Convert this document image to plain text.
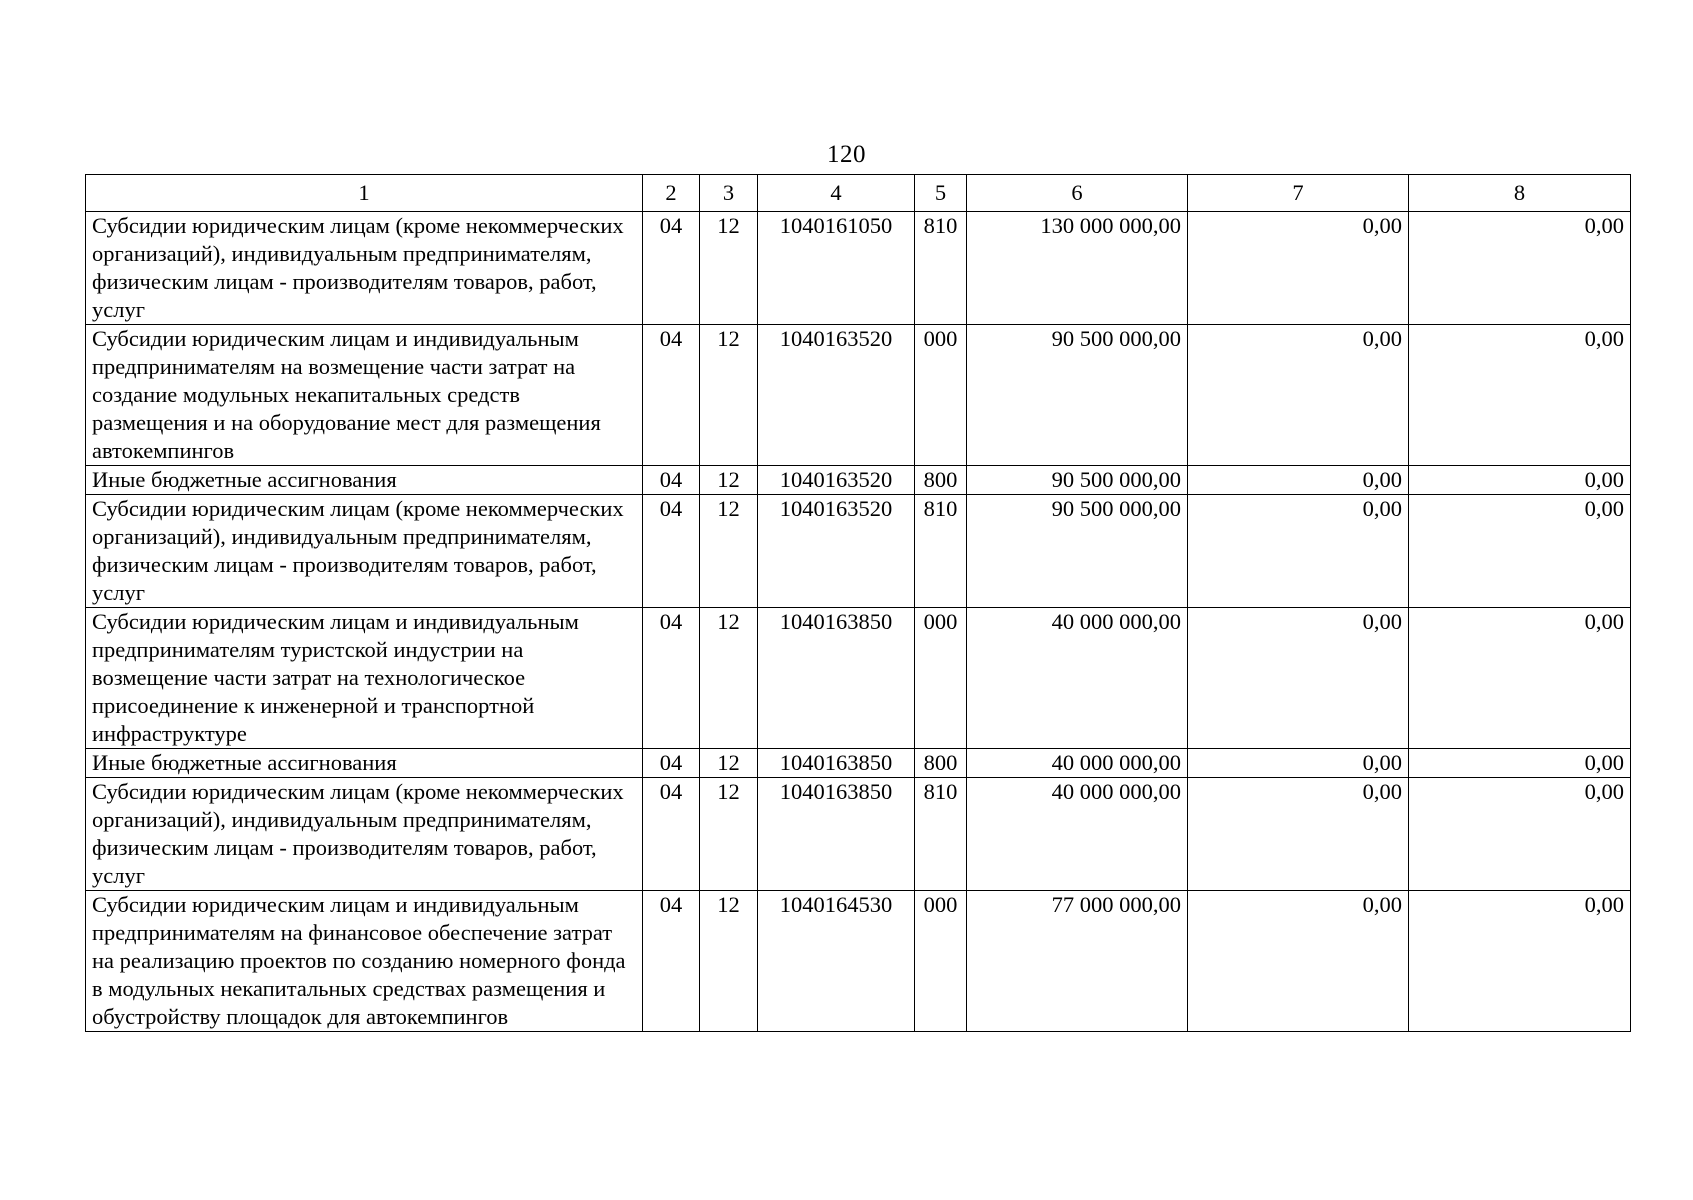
120
1	2	3	4	5	6	7	8
Субсидии юридическим лицам (кроме некоммерческих организаций), индивидуальным предпринимателям, физическим лицам - производителям товаров, работ, услуг	04	12	1040161050	810	130 000 000,00	0,00	0,00
Субсидии юридическим лицам и индивидуальным предпринимателям на возмещение части затрат на создание модульных некапитальных средств размещения и на оборудование мест для размещения автокемпингов	04	12	1040163520	000	90 500 000,00	0,00	0,00
Иные бюджетные ассигнования	04	12	1040163520	800	90 500 000,00	0,00	0,00
Субсидии юридическим лицам (кроме некоммерческих организаций), индивидуальным предпринимателям, физическим лицам - производителям товаров, работ, услуг	04	12	1040163520	810	90 500 000,00	0,00	0,00
Субсидии юридическим лицам и индивидуальным предпринимателям туристской индустрии на возмещение части затрат на технологическое присоединение к инженерной и транспортной инфраструктуре	04	12	1040163850	000	40 000 000,00	0,00	0,00
Иные бюджетные ассигнования	04	12	1040163850	800	40 000 000,00	0,00	0,00
Субсидии юридическим лицам (кроме некоммерческих организаций), индивидуальным предпринимателям, физическим лицам - производителям товаров, работ, услуг	04	12	1040163850	810	40 000 000,00	0,00	0,00
Субсидии юридическим лицам и индивидуальным предпринимателям на финансовое обеспечение затрат на реализацию проектов по созданию номерного фонда в модульных некапитальных средствах размещения и обустройству площадок для автокемпингов	04	12	1040164530	000	77 000 000,00	0,00	0,00
